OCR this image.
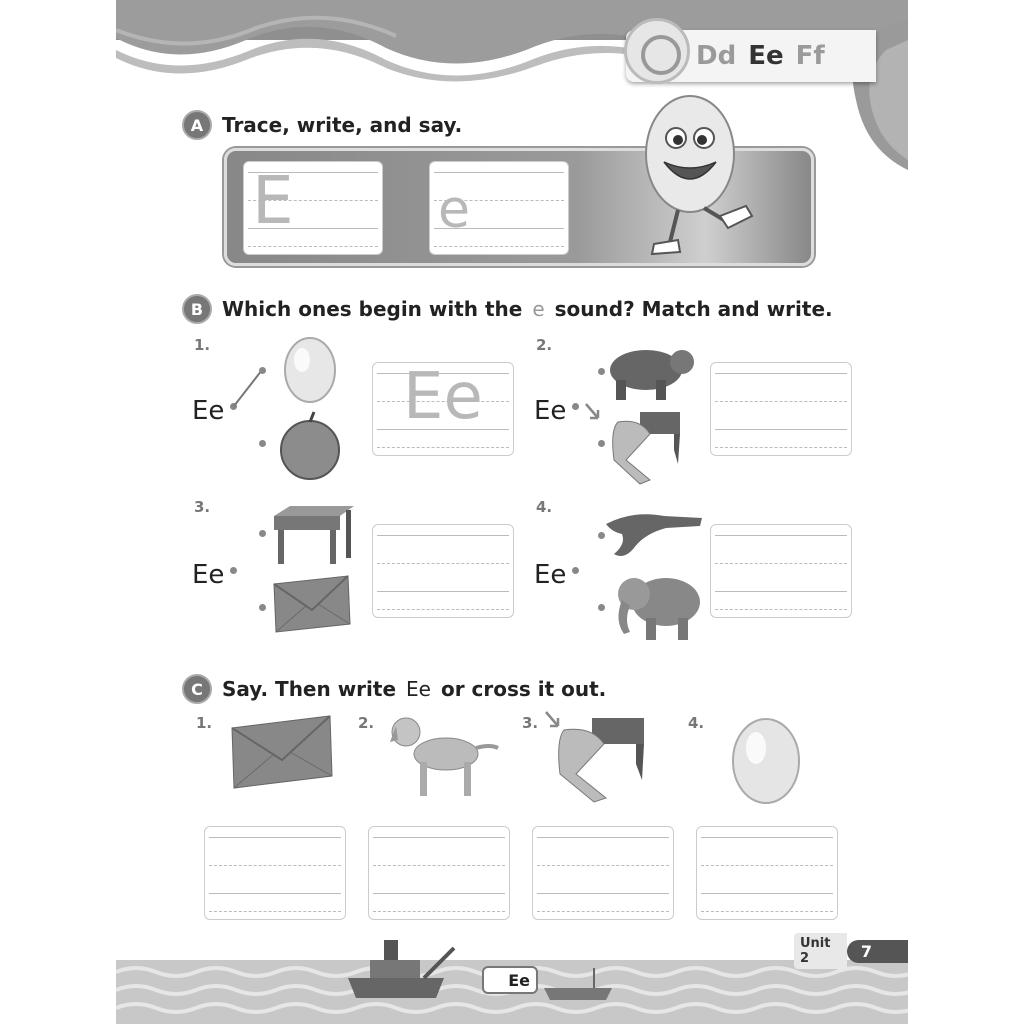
Dd Ee Ff
A Trace, write, and say.
E	e
B Which ones begin with the e sound? Match and write.
1.
Ee	Ee
2.
Ee
3.
Ee
4.
Ee
C Say. Then write Ee or cross it out.
1.	2.	3.	4.
Ee
Unit 2	7
